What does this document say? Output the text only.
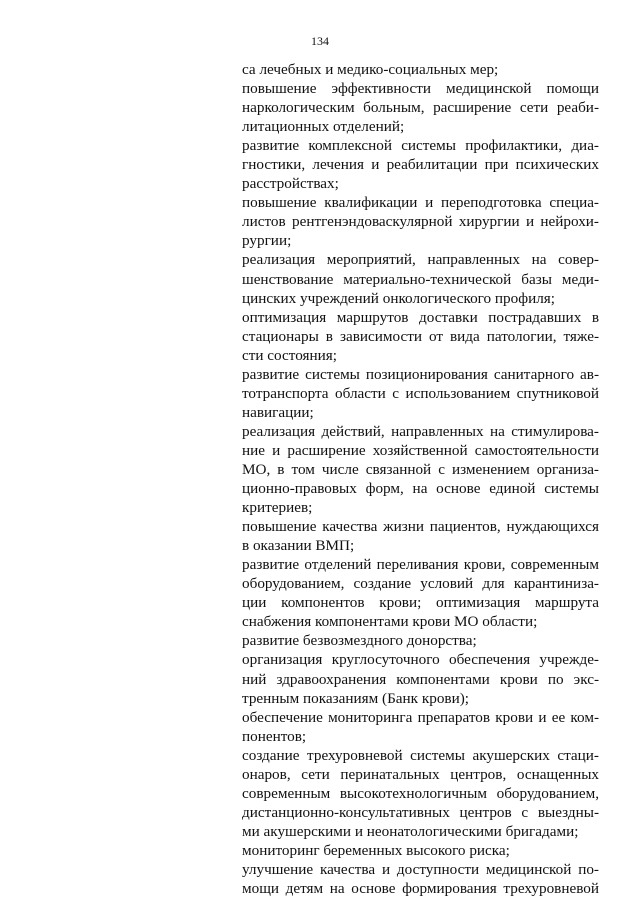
134
са лечебных и медико-социальных мер;
повышение эффективности медицинской помощи
наркологическим больным, расширение сети реаби-
литационных отделений;
развитие комплексной системы профилактики, диа-
гностики, лечения и реабилитации при психических
расстройствах;
повышение квалификации и переподготовка специа-
листов рентгенэндоваскулярной хирургии и нейрохи-
рургии;
реализация мероприятий, направленных на совер-
шенствование материально-технической базы меди-
цинских учреждений онкологического профиля;
оптимизация маршрутов доставки пострадавших в
стационары в зависимости от вида патологии, тяже-
сти состояния;
развитие системы позиционирования санитарного ав-
тотранспорта области с использованием спутниковой
навигации;
реализация действий, направленных на стимулирова-
ние и расширение хозяйственной самостоятельности
МО, в том числе связанной с изменением организа-
ционно-правовых форм, на основе единой системы
критериев;
повышение качества жизни пациентов, нуждающихся
в оказании ВМП;
развитие отделений переливания крови, современным
оборудованием, создание условий для карантиниза-
ции компонентов крови; оптимизация маршрута
снабжения компонентами крови МО области;
развитие безвозмездного донорства;
организация круглосуточного обеспечения учрежде-
ний здравоохранения компонентами крови по экс-
тренным показаниям (Банк крови);
обеспечение мониторинга препаратов крови и ее ком-
понентов;
создание трехуровневой системы акушерских стаци-
онаров, сети перинатальных центров, оснащенных
современным высокотехнологичным оборудованием,
дистанционно-консультативных центров с выездны-
ми акушерскими и неонатологическими бригадами;
мониторинг беременных высокого риска;
улучшение качества и доступности медицинской по-
мощи детям на основе формирования трехуровневой
